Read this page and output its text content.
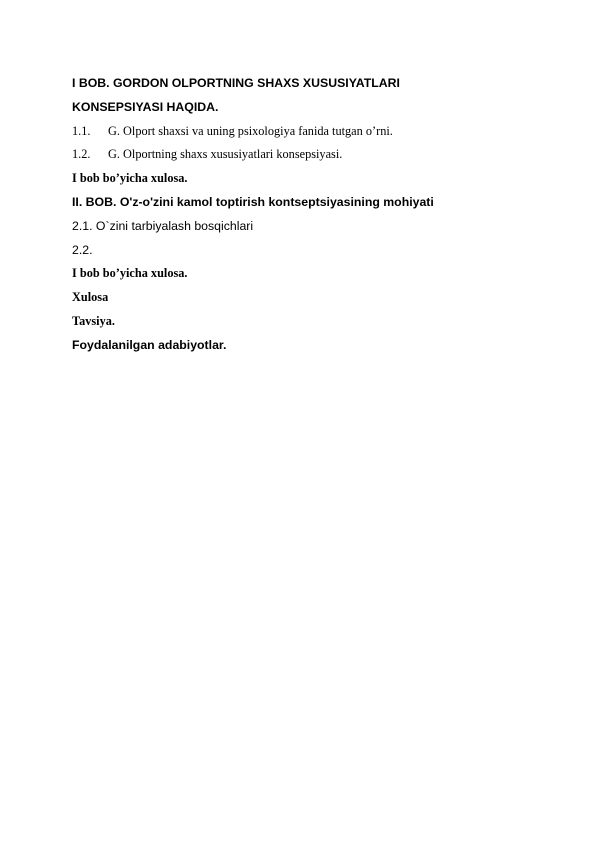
I BOB. GORDON OLPORTNING SHAXS XUSUSIYATLARI
KONSEPSIYASI HAQIDA.
1.1. G. Olport shaxsi va uning psixologiya fanida tutgan o’rni.
1.2. G. Olportning shaxs xususiyatlari konsepsiyasi.
I bob bo’yicha xulosa.
II. BOB. O'z-o'zini kamol toptirish kontseptsiyasining mohiyati
2.1. O`zini tarbiyalash bosqichlari
2.2.
I bob bo’yicha xulosa.
Xulosa
Tavsiya.
Foydalanilgan adabiyotlar.
